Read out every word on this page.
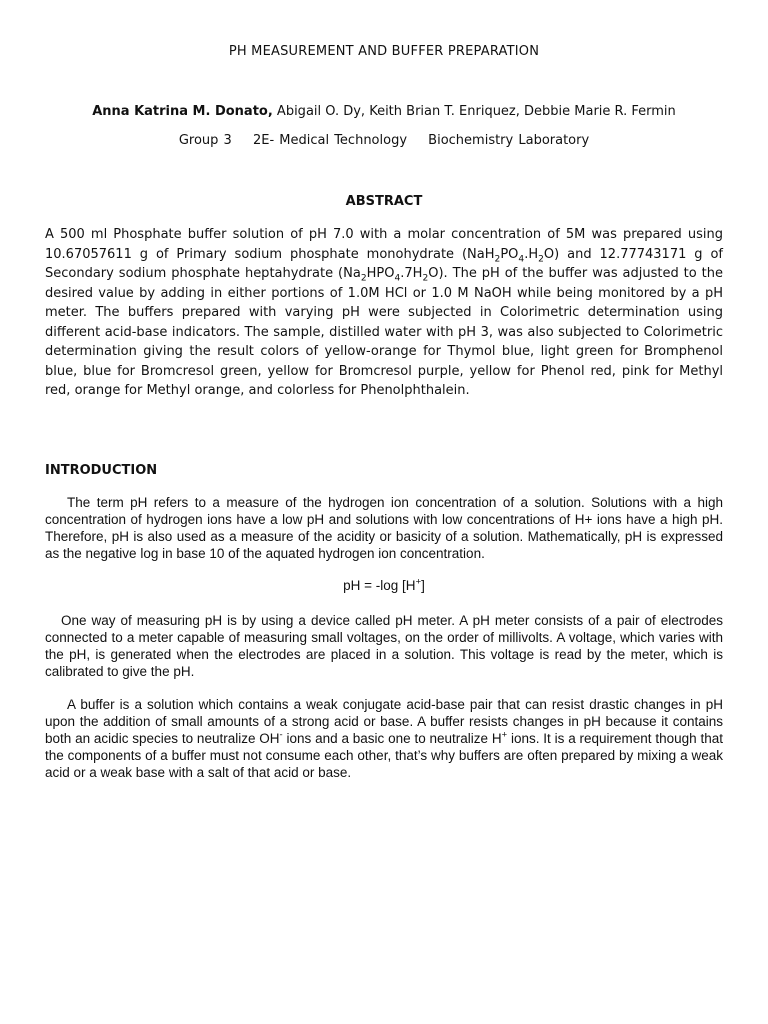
PH MEASUREMENT AND BUFFER PREPARATION
Anna Katrina M. Donato, Abigail O. Dy, Keith Brian T. Enriquez, Debbie Marie R. Fermin
Group 3 2E- Medical Technology Biochemistry Laboratory
ABSTRACT

A 500 ml Phosphate buffer solution of pH 7.0 with a molar concentration of 5M was prepared using 10.67057611 g of Primary sodium phosphate monohydrate $(NaH_2PO_4.H_2O)$ and 12.77743171 g of Secondary sodium phosphate heptahydrate $(Na_2HPO_4.7H_2O)$. The pH of the buffer was adjusted to the desired value by adding in either portions of 1.0M HCl or 1.0 M NaOH while being monitored by a pH meter. The buffers prepared with varying pH were subjected in Colorimetric determination using different acid-base indicators. The sample, distilled water with pH 3, was also subjected to Colorimetric determination giving the result colors of yellow-orange for Thymol blue, light green for Bromphenol blue, blue for Bromcresol green, yellow for Bromcresol purple, yellow for Phenol red, pink for Methyl red, orange for Methyl orange, and colorless for Phenolphthalein.

INTRODUCTION

The term pH refers to a measure of the hydrogen ion concentration of a solution. Solutions with a high concentration of hydrogen ions have a low pH and solutions with low concentrations of H+ ions have a high pH. Therefore, pH is also used as a measure of the acidity or basicity of a solution. Mathematically, pH is expressed as the negative log in base 10 of the aquated hydrogen ion concentration.

pH = -log [H+]

One way of measuring pH is by using a device called pH meter. A pH meter consists of a pair of electrodes connected to a meter capable of measuring small voltages, on the order of millivolts. A voltage, which varies with the pH, is generated when the electrodes are placed in a solution. This voltage is read by the meter, which is calibrated to give the pH.

A buffer is a solution which contains a weak conjugate acid-base pair that can resist drastic changes in pH upon the addition of small amounts of a strong acid or base. A buffer resists changes in pH because it contains both an acidic species to neutralize OH- ions and a basic one to neutralize H+ ions. It is a requirement though that the components of a buffer must not consume each other, that’s why buffers are often prepared by mixing a weak acid or a weak base with a salt of that acid or base.
